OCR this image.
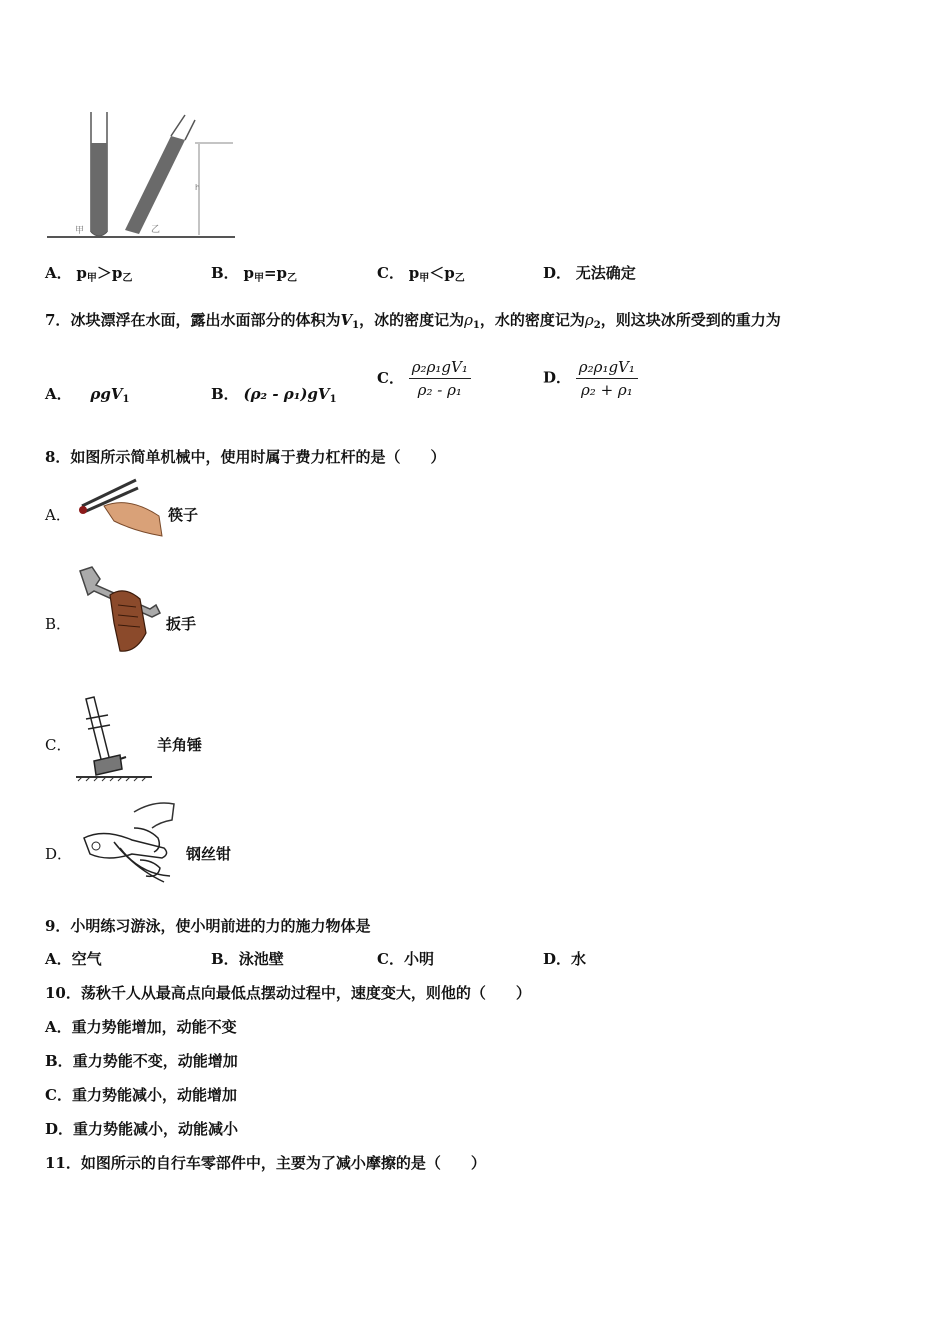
h
甲	乙
A． $p_甲>p_乙$	B． $p_甲=p_乙$	C． $p_甲<p_乙$	D． 无法确定
7．冰块漂浮在水面，露出水面部分的体积为$V_1$，冰的密度记为$\rho_1$，水的密度记为$\rho_2$，则这块冰所受到的重力为
A． ρgV$_1$	B． $(\rho_2 - \rho_1)gV_1$
C． $\frac{\text{ρ₂ρ₁gV₁}}{\text{ρ₂ - ρ₁}}$	D． $\frac{\text{ρ₂ρ₁gV₁}}{\text{ρ₂ + ρ₁}}$
8．如图所示简单机械中，使用时属于费力杠杆的是（　　）
A．	筷子
B．	扳手
C．	羊角锤
D．	钢丝钳
9．小明练习游泳，使小明前进的力的施力物体是
A．空气	B．泳池壁	C．小明	D．水
10．荡秋千人从最高点向最低点摆动过程中，速度变大，则他的（　　）
A．重力势能增加，动能不变
B．重力势能不变，动能增加
C．重力势能减小，动能增加
D．重力势能减小，动能减小
11．如图所示的自行车零部件中，主要为了减小摩擦的是（　　）
